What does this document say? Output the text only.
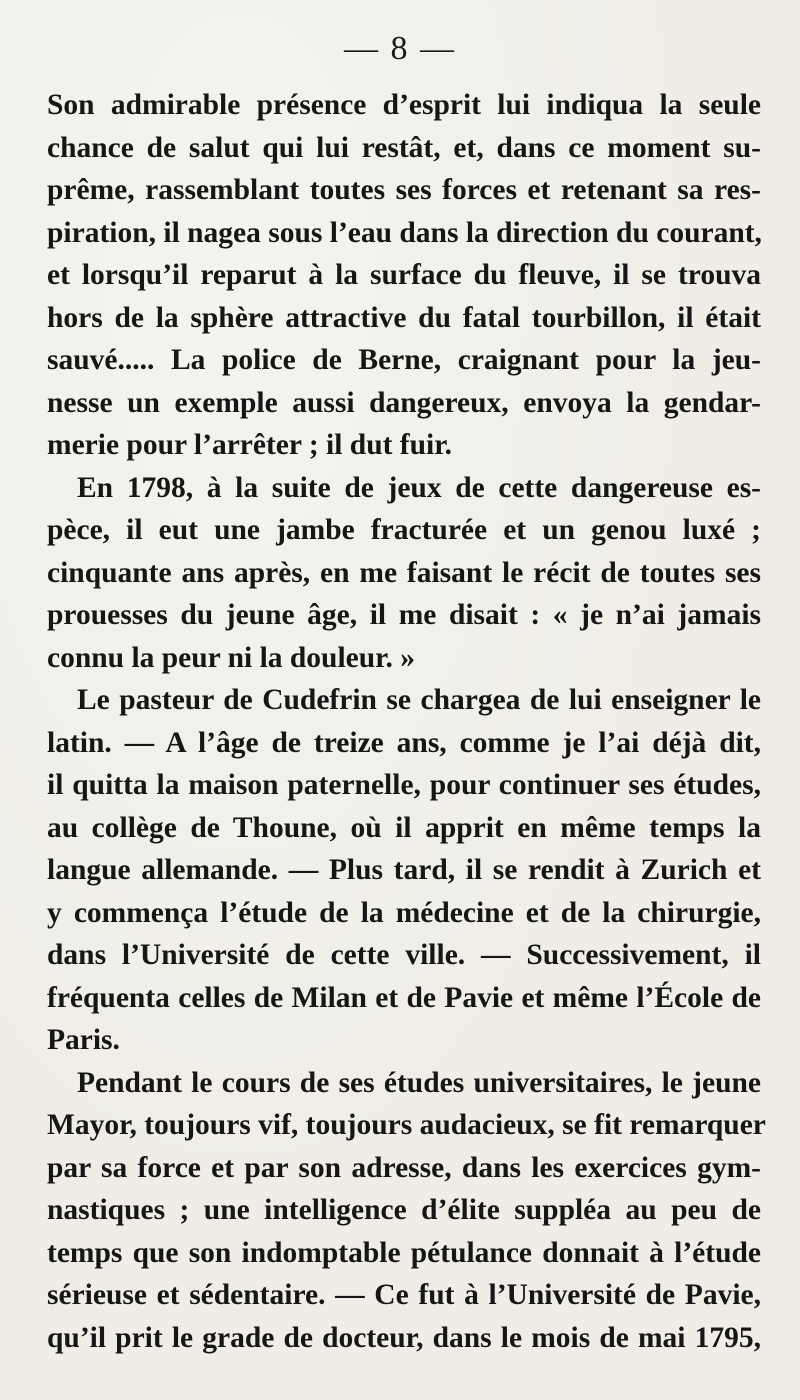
— 8 —
Son admirable présence d’esprit lui indiqua la seule
chance de salut qui lui restât, et, dans ce moment su-
prême, rassemblant toutes ses forces et retenant sa res-
piration, il nagea sous l’eau dans la direction du courant,
et lorsqu’il reparut à la surface du fleuve, il se trouva
hors de la sphère attractive du fatal tourbillon, il était
sauvé..... La police de Berne, craignant pour la jeu-
nesse un exemple aussi dangereux, envoya la gendar-
merie pour l’arrêter ; il dut fuir.
En 1798, à la suite de jeux de cette dangereuse es-
pèce, il eut une jambe fracturée et un genou luxé ;
cinquante ans après, en me faisant le récit de toutes ses
prouesses du jeune âge, il me disait : « je n’ai jamais
connu la peur ni la douleur. »
Le pasteur de Cudefrin se chargea de lui enseigner le
latin. — A l’âge de treize ans, comme je l’ai déjà dit,
il quitta la maison paternelle, pour continuer ses études,
au collège de Thoune, où il apprit en même temps la
langue allemande. — Plus tard, il se rendit à Zurich et
y commença l’étude de la médecine et de la chirurgie,
dans l’Université de cette ville. — Successivement, il
fréquenta celles de Milan et de Pavie et même l’École de
Paris.
Pendant le cours de ses études universitaires, le jeune
Mayor, toujours vif, toujours audacieux, se fit remarquer
par sa force et par son adresse, dans les exercices gym-
nastiques ; une intelligence d’élite suppléa au peu de
temps que son indomptable pétulance donnait à l’étude
sérieuse et sédentaire. — Ce fut à l’Université de Pavie,
qu’il prit le grade de docteur, dans le mois de mai 1795,
